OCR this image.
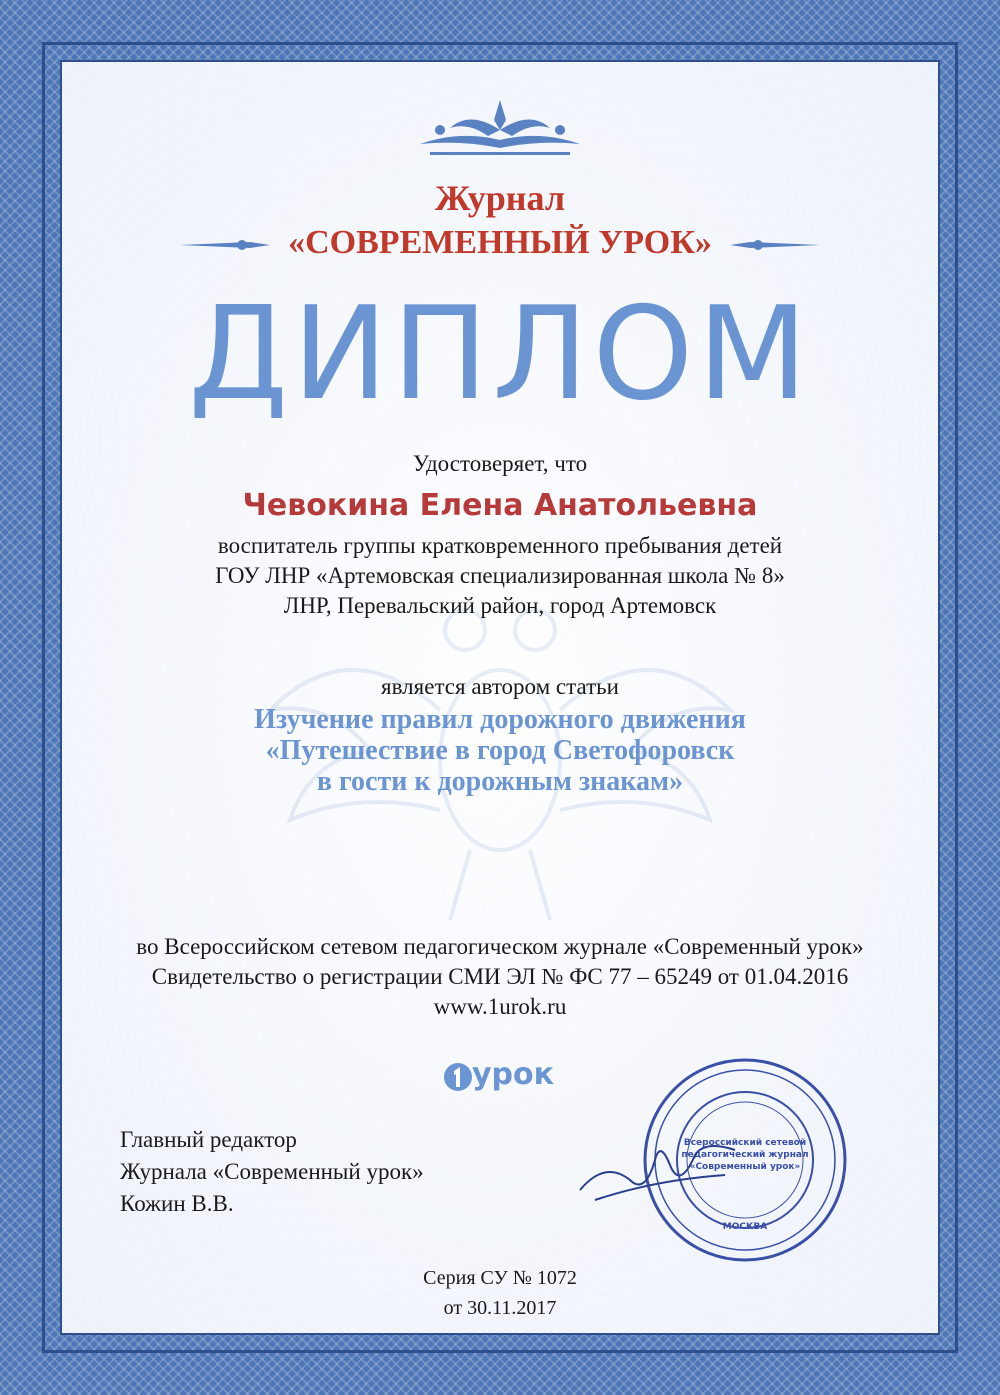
Журнал
«СОВРЕМЕННЫЙ УРОК»
ДИПЛОМ
Удостоверяет, что
Чевокина Елена Анатольевна
воспитатель группы кратковременного пребывания детей
ГОУ ЛНР «Артемовская специализированная школа № 8»
ЛНР, Перевальский район, город Артемовск
является автором статьи
Изучение правил дорожного движения
«Путешествие в город Светофоровск
в гости к дорожным знакам»
во Всероссийском сетевом педагогическом журнале «Современный урок»
Свидетельство о регистрации СМИ ЭЛ № ФС 77 – 65249 от 01.04.2016
www.1urok.ru
урок
Главный редактор
Журнала «Современный урок»
Кожин В.В.
Всероссийский сетевой
педагогический журнал
«Современный урок»
МОСКВА
Серия СУ № 1072
от 30.11.2017
